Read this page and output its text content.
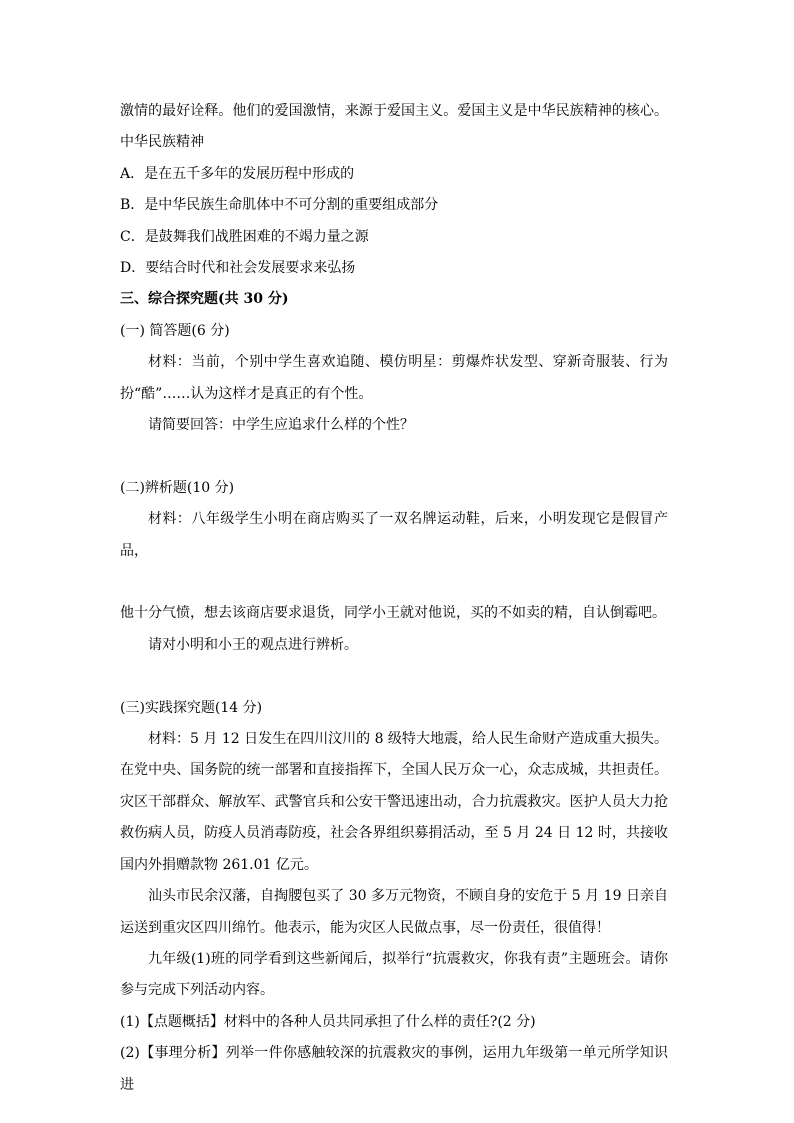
激情的最好诠释。他们的爱国激情，来源于爱国主义。爱国主义是中华民族精神的核心。中华民族精神

A．是在五千多年的发展历程中形成的

B．是中华民族生命肌体中不可分割的重要组成部分

C．是鼓舞我们战胜困难的不竭力量之源

D．要结合时代和社会发展要求来弘扬

三、综合探究题(共 30 分)

(一) 简答题(6 分)

材料：当前，个别中学生喜欢追随、模仿明星：剪爆炸状发型、穿新奇服装、行为扮“酷”……认为这样才是真正的有个性。

请简要回答：中学生应追求什么样的个性？

(二)辨析题(10 分)

材料：八年级学生小明在商店购买了一双名牌运动鞋，后来，小明发现它是假冒产品，

他十分气愤，想去该商店要求退货，同学小王就对他说，买的不如卖的精，自认倒霉吧。

请对小明和小王的观点进行辨析。

(三)实践探究题(14 分)

材料：5 月 12 日发生在四川汶川的 8 级特大地震，给人民生命财产造成重大损失。在党中央、国务院的统一部署和直接指挥下，全国人民万众一心，众志成城，共担责任。灾区干部群众、解放军、武警官兵和公安干警迅速出动，合力抗震救灾。医护人员大力抢救伤病人员，防疫人员消毒防疫，社会各界组织募捐活动，至 5 月 24 日 12 时，共接收国内外捐赠款物 261.01 亿元。

汕头市民余汉藩，自掏腰包买了 30 多万元物资，不顾自身的安危于 5 月 19 日亲自运送到重灾区四川绵竹。他表示，能为灾区人民做点事，尽一份责任，很值得！

九年级(1)班的同学看到这些新闻后，拟举行“抗震救灾，你我有责”主题班会。请你参与完成下列活动内容。

(1)【点题概括】材料中的各种人员共同承担了什么样的责任?(2 分)

(2)【事理分析】列举一件你感触较深的抗震救灾的事例，运用九年级第一单元所学知识进
